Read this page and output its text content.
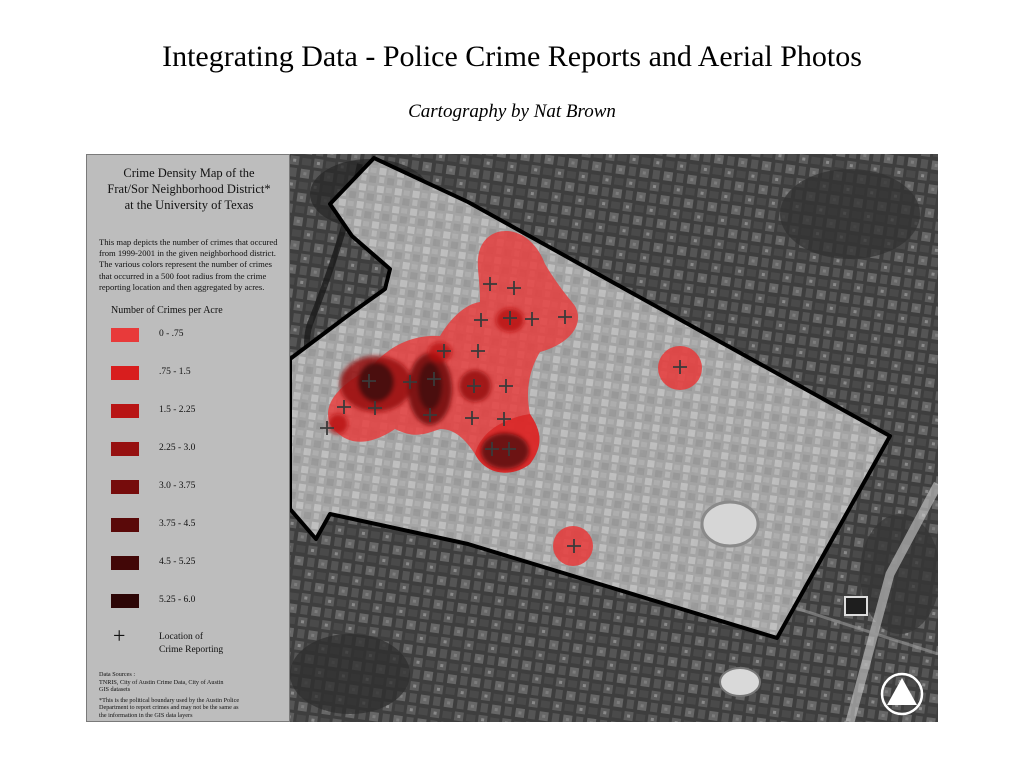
Integrating Data - Police Crime Reports and Aerial Photos
Cartography by Nat Brown
Crime Density Map of the
Frat/Sor Neighborhood District*
at the University of Texas
This map depicts the number of crimes that occured
from 1999-2001 in the given neighborhood district.
The various colors represent the number of crimes
that occurred in a 500 foot radius from the crime
reporting location and then aggregated by acres.
Number of Crimes per Acre
0 - .75
.75 - 1.5
1.5 - 2.25
2.25 - 3.0
3.0 - 3.75
3.75 - 4.5
4.5 - 5.25
5.25 - 6.0
+	Location of
Crime Reporting
Data Sources :
TNRIS, City of Austin Crime Data, City of Austin
GIS datasets
*This is the political boundary used by the Austin Police
Department to report crimes and may not be the same as
the information in the GIS data layers
